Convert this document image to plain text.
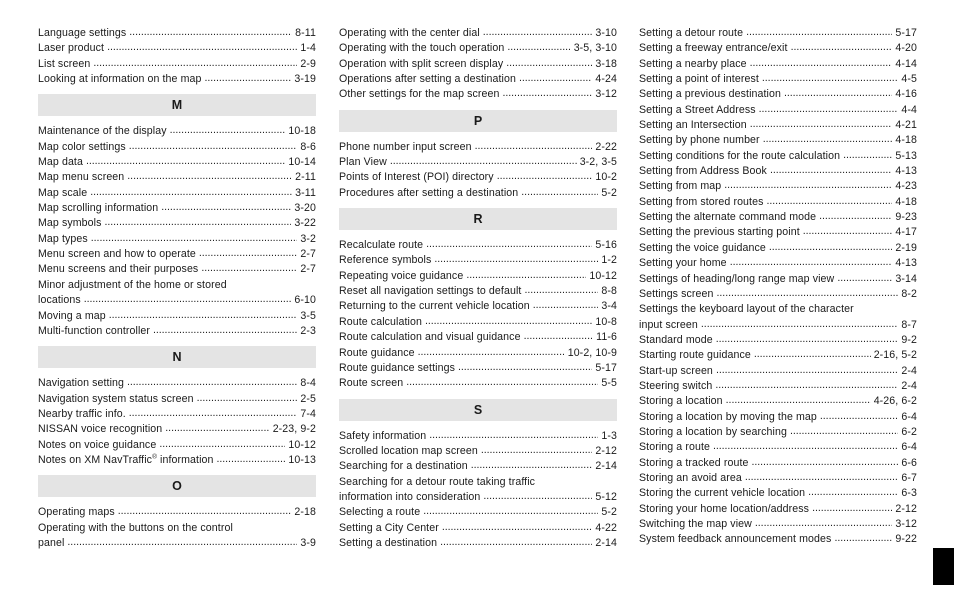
Language settings . . .	8-11
Laser product . . .	1-4
List screen . . .	2-9
Looking at information on the map . . .	3-19
M
Maintenance of the display . . .	10-18
Map color settings . . .	8-6
Map data . . .	10-14
Map menu screen . . .	2-11
Map scale . . .	3-11
Map scrolling information . . .	3-20
Map symbols . . .	3-22
Map types . . .	3-2
Menu screen and how to operate . . .	2-7
Menu screens and their purposes . . .	2-7
Minor adjustment of the home or stored
locations . . .	6-10
Moving a map . . .	3-5
Multi-function controller . . .	2-3
N
Navigation setting . . .	8-4
Navigation system status screen . . .	2-5
Nearby traffic info. . . .	7-4
NISSAN voice recognition . . .	2-23, 9-2
Notes on voice guidance . . .	10-12
Notes on XM NavTraffic® information . . .	10-13
O
Operating maps . . .	2-18
Operating with the buttons on the control
panel . . .	3-9
Operating with the center dial . . .	3-10
Operating with the touch operation . . .	3-5, 3-10
Operation with split screen display . . .	3-18
Operations after setting a destination . . .	4-24
Other settings for the map screen . . .	3-12
P
Phone number input screen . . .	2-22
Plan View . . .	3-2, 3-5
Points of Interest (POI) directory . . .	10-2
Procedures after setting a destination . . .	5-2
R
Recalculate route . . .	5-16
Reference symbols . . .	1-2
Repeating voice guidance . . .	10-12
Reset all navigation settings to default . . .	8-8
Returning to the current vehicle location . . .	3-4
Route calculation . . .	10-8
Route calculation and visual guidance . . .	11-6
Route guidance . . .	10-2, 10-9
Route guidance settings . . .	5-17
Route screen . . .	5-5
S
Safety information . . .	1-3
Scrolled location map screen . . .	2-12
Searching for a destination . . .	2-14
Searching for a detour route taking traffic
information into consideration . . .	5-12
Selecting a route . . .	5-2
Setting a City Center . . .	4-22
Setting a destination . . .	2-14
Setting a detour route . . .	5-17
Setting a freeway entrance/exit . . .	4-20
Setting a nearby place . . .	4-14
Setting a point of interest . . .	4-5
Setting a previous destination . . .	4-16
Setting a Street Address . . .	4-4
Setting an Intersection . . .	4-21
Setting by phone number . . .	4-18
Setting conditions for the route calculation . . .	5-13
Setting from Address Book . . .	4-13
Setting from map . . .	4-23
Setting from stored routes . . .	4-18
Setting the alternate command mode . . .	9-23
Setting the previous starting point . . .	4-17
Setting the voice guidance . . .	2-19
Setting your home . . .	4-13
Settings of heading/long range map view . . .	3-14
Settings screen . . .	8-2
Settings the keyboard layout of the character
input screen . . .	8-7
Standard mode . . .	9-2
Starting route guidance . . .	2-16, 5-2
Start-up screen . . .	2-4
Steering switch . . .	2-4
Storing a location . . .	4-26, 6-2
Storing a location by moving the map . . .	6-4
Storing a location by searching . . .	6-2
Storing a route . . .	6-4
Storing a tracked route . . .	6-6
Storing an avoid area . . .	6-7
Storing the current vehicle location . . .	6-3
Storing your home location/address . . .	2-12
Switching the map view . . .	3-12
System feedback announcement modes . . .	9-22
